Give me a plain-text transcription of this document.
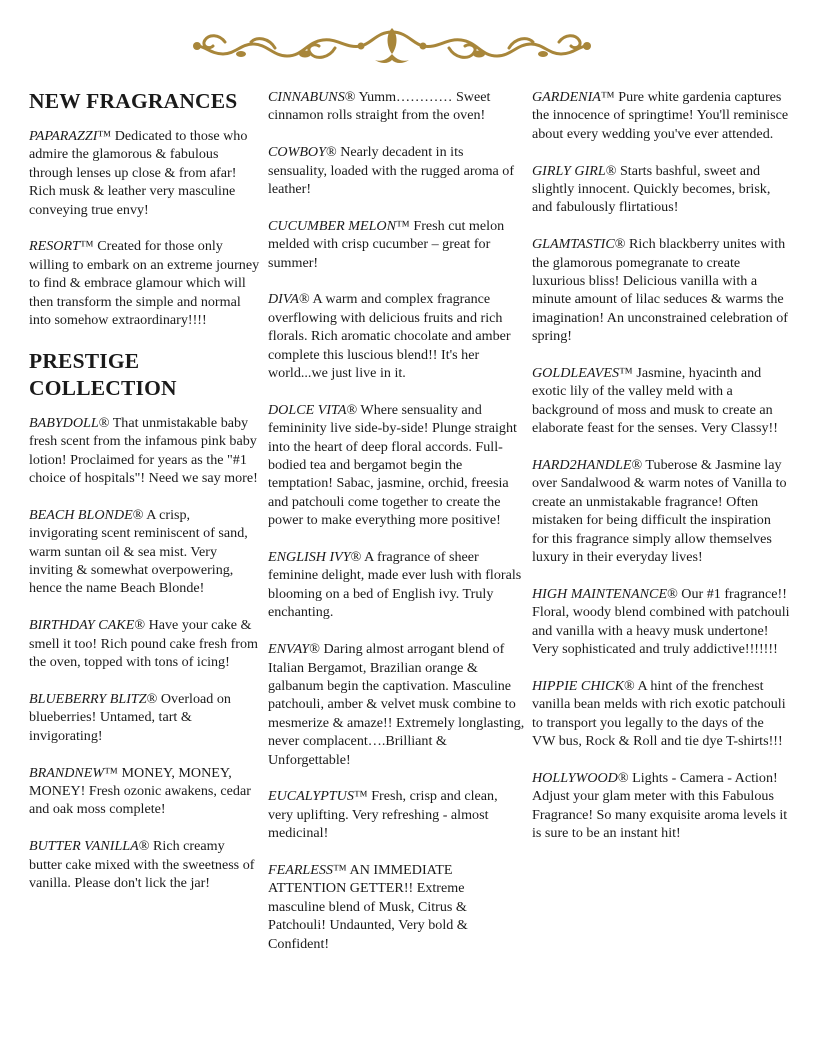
NEW FRAGRANCES
PAPARAZZI™ Dedicated to those who admire the glamorous & fabulous through lenses up close & from afar! Rich musk & leather very masculine conveying true envy!
RESORT™ Created for those only willing to embark on an extreme journey to find & embrace glamour which will then transform the simple and normal into somehow extraordinary!!!!
PRESTIGE COLLECTION
BABYDOLL® That unmistakable baby fresh scent from the infamous pink baby lotion! Proclaimed for years as the "#1 choice of hospitals"! Need we say more!
BEACH BLONDE® A crisp, invigorating scent reminiscent of sand, warm suntan oil & sea mist. Very inviting & somewhat overpowering, hence the name Beach Blonde!
BIRTHDAY CAKE® Have your cake & smell it too! Rich pound cake fresh from the oven, topped with tons of icing!
BLUEBERRY BLITZ® Overload on blueberries! Untamed, tart & invigorating!
BRANDNEW™ MONEY, MONEY, MONEY! Fresh ozonic awakens, cedar and oak moss complete!
BUTTER VANILLA® Rich creamy butter cake mixed with the sweetness of vanilla. Please don't lick the jar!
CINNABUNS® Yumm………… Sweet cinnamon rolls straight from the oven!
COWBOY® Nearly decadent in its sensuality, loaded with the rugged aroma of leather!
CUCUMBER MELON™ Fresh cut melon melded with crisp cucumber – great for summer!
DIVA® A warm and complex fragrance overflowing with delicious fruits and rich florals. Rich aromatic chocolate and amber complete this luscious blend!! It's her world...we just live in it.
DOLCE VITA® Where sensuality and femininity live side-by-side! Plunge straight into the heart of deep floral accords. Full-bodied tea and bergamot begin the temptation! Sabac, jasmine, orchid, freesia and patchouli come together to create the power to make everything more positive!
ENGLISH IVY® A fragrance of sheer feminine delight, made ever lush with florals blooming on a bed of English ivy. Truly enchanting.
ENVAY® Daring almost arrogant blend of Italian Bergamot, Brazilian orange & galbanum begin the captivation. Masculine patchouli, amber & velvet musk combine to mesmerize & amaze!! Extremely longlasting, never complacent….Brilliant & Unforgettable!
EUCALYPTUS™ Fresh, crisp and clean, very uplifting. Very refreshing - almost medicinal!
FEARLESS™ AN IMMEDIATE ATTENTION GETTER!! Extreme masculine blend of Musk, Citrus & Patchouli! Undaunted, Very bold & Confident!
GARDENIA™ Pure white gardenia captures the innocence of springtime! You'll reminisce about every wedding you've ever attended.
GIRLY GIRL® Starts bashful, sweet and slightly innocent. Quickly becomes, brisk, and fabulously flirtatious!
GLAMTASTIC® Rich blackberry unites with the glamorous pomegranate to create luxurious bliss! Delicious vanilla with a minute amount of lilac seduces & warms the imagination! An unconstrained celebration of spring!
GOLDLEAVES™ Jasmine, hyacinth and exotic lily of the valley meld with a background of moss and musk to create an elaborate feast for the senses. Very Classy!!
HARD2HANDLE® Tuberose & Jasmine lay over Sandalwood & warm notes of Vanilla to create an unmistakable fragrance! Often mistaken for being difficult the inspiration for this fragrance simply allow themselves luxury in their everyday lives!
HIGH MAINTENANCE® Our #1 fragrance!! Floral, woody blend combined with patchouli and vanilla with a heavy musk undertone! Very sophisticated and truly addictive!!!!!!!
HIPPIE CHICK® A hint of the frenchest vanilla bean melds with rich exotic patchouli to transport you legally to the days of the VW bus, Rock & Roll and tie dye T-shirts!!!
HOLLYWOOD® Lights - Camera - Action! Adjust your glam meter with this Fabulous Fragrance! So many exquisite aroma levels it is sure to be an instant hit!
